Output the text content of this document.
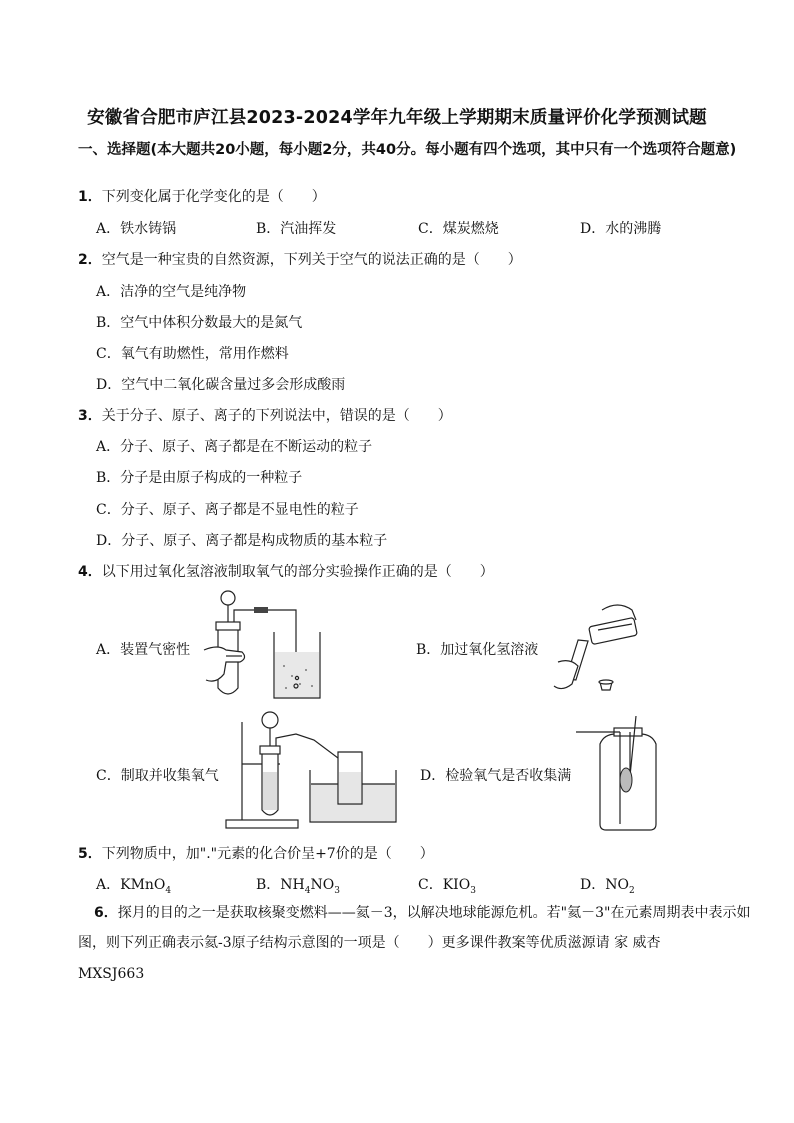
安徽省合肥市庐江县2023-2024学年九年级上学期期末质量评价化学预测试题
一、选择题(本大题共20小题，每小题2分，共40分。每小题有四个选项，其中只有一个选项符合题意)
1．下列变化属于化学变化的是（　　）
A．铁水铸锅	B．汽油挥发	C．煤炭燃烧	D．水的沸腾
2．空气是一种宝贵的自然资源，下列关于空气的说法正确的是（　　）
A．洁净的空气是纯净物
B．空气中体积分数最大的是氮气
C．氧气有助燃性，常用作燃料
D．空气中二氧化碳含量过多会形成酸雨
3．关于分子、原子、离子的下列说法中，错误的是（　　）
A．分子、原子、离子都是在不断运动的粒子
B．分子是由原子构成的一种粒子
C．分子、原子、离子都是不显电性的粒子
D．分子、原子、离子都是构成物质的基本粒子
4．以下用过氧化氢溶液制取氧气的部分实验操作正确的是（　　）
A．装置气密性	B．加过氧化氢溶液
C．制取并收集氧气	D．检验氧气是否收集满
5．下列物质中，加"."元素的化合价呈+7价的是（　　）
A．KMnO$_4$	B．$NH_4NO_3$	C．$KIO_3$	D．$NO_2$
6．探月的目的之一是获取核聚变燃料——氦－3，以解决地球能源危机。若"氦－3"在元素周期表中表示如图，则下列正确表示氦-3原子结构示意图的一项是（　　）更多课件教案等优质滋源请 家 威杏
MXSJ663
